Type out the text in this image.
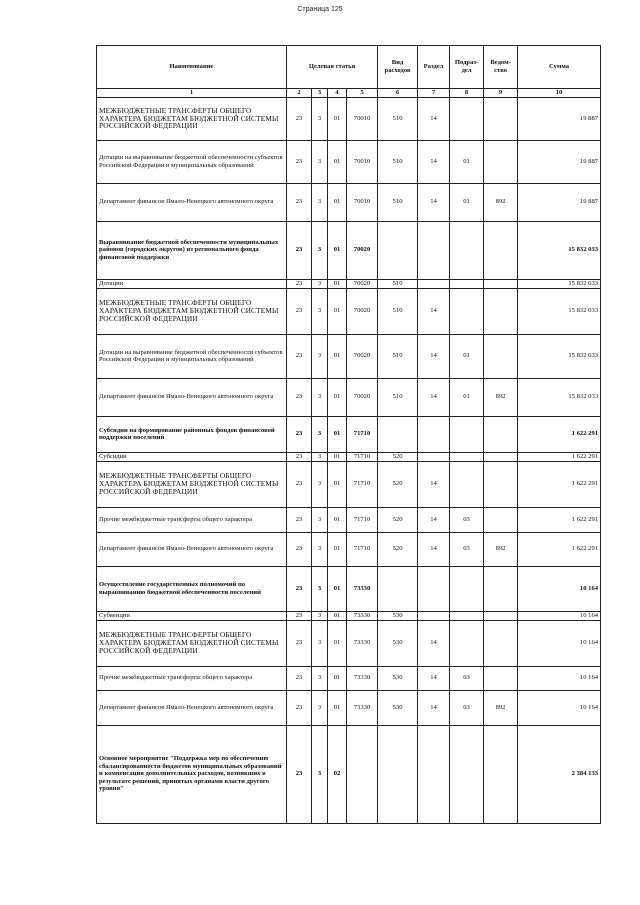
Страница 125
Наименование	Целевая статья				Вид расходов	Раздел	Подраз-дел	Ведом-ство	Сумма
1	2	3	4	5	6	7	8	9	10
МЕЖБЮДЖЕТНЫЕ ТРАНСФЕРТЫ ОБЩЕГО ХАРАКТЕРА БЮДЖЕТАМ БЮДЖЕТНОЙ СИСТЕМЫ РОССИЙСКОЙ ФЕДЕРАЦИИ	23	3	01	70010	510	14			19 887
Дотации на выравнивание бюджетной обеспеченности субъектов Российской Федерации и муниципальных образований	23	3	01	70010	510	14	01		19 887
Департамент финансов Ямало-Ненецкого автономного округа	23	3	01	70010	510	14	01	892	19 887
Выравнивание бюджетной обеспеченности муниципальных районов (городских округов) из регионального фонда финансовой поддержки	23	3	01	70020					15 832 033
Дотации	23	3	01	70020	510				15 832 033
МЕЖБЮДЖЕТНЫЕ ТРАНСФЕРТЫ ОБЩЕГО ХАРАКТЕРА БЮДЖЕТАМ БЮДЖЕТНОЙ СИСТЕМЫ РОССИЙСКОЙ ФЕДЕРАЦИИ	23	3	01	70020	510	14			15 832 033
Дотации на выравнивание бюджетной обеспеченности субъектов Российской Федерации и муниципальных образований	23	3	01	70020	510	14	01		15 832 033
Департамент финансов Ямало-Ненецкого автономного округа	23	3	01	70020	510	14	01	892	15 832 033
Субсидии на формирование районных фондов финансовой поддержки поселений	23	3	01	71710					1 622 291
Субсидии	23	3	01	71710	520				1 622 291
МЕЖБЮДЖЕТНЫЕ ТРАНСФЕРТЫ ОБЩЕГО ХАРАКТЕРА БЮДЖЕТАМ БЮДЖЕТНОЙ СИСТЕМЫ РОССИЙСКОЙ ФЕДЕРАЦИИ	23	3	01	71710	520	14			1 622 291
Прочие межбюджетные трансферты общего характера	23	3	01	71710	520	14	03		1 622 291
Департамент финансов Ямало-Ненецкого автономного округа	23	3	01	71710	520	14	03	892	1 622 291
Осуществление государственных полномочий по выравниванию бюджетной обеспеченности поселений	23	3	01	73330					10 164
Субвенции	23	3	01	73330	530				10 164
МЕЖБЮДЖЕТНЫЕ ТРАНСФЕРТЫ ОБЩЕГО ХАРАКТЕРА БЮДЖЕТАМ БЮДЖЕТНОЙ СИСТЕМЫ РОССИЙСКОЙ ФЕДЕРАЦИИ	23	3	01	73330	530	14			10 164
Прочие межбюджетные трансферты общего характера	23	3	01	73330	530	14	03		10 164
Департамент финансов Ямало-Ненецкого автономного округа	23	3	01	73330	530	14	03	892	10 164
Основное мероприятие "Поддержка мер по обеспечению сбалансированности бюджетов муниципальных образований и компенсация дополнительных расходов, возникших в результате решений, принятых органами власти другого уровня"	23	3	02						2 384 133
